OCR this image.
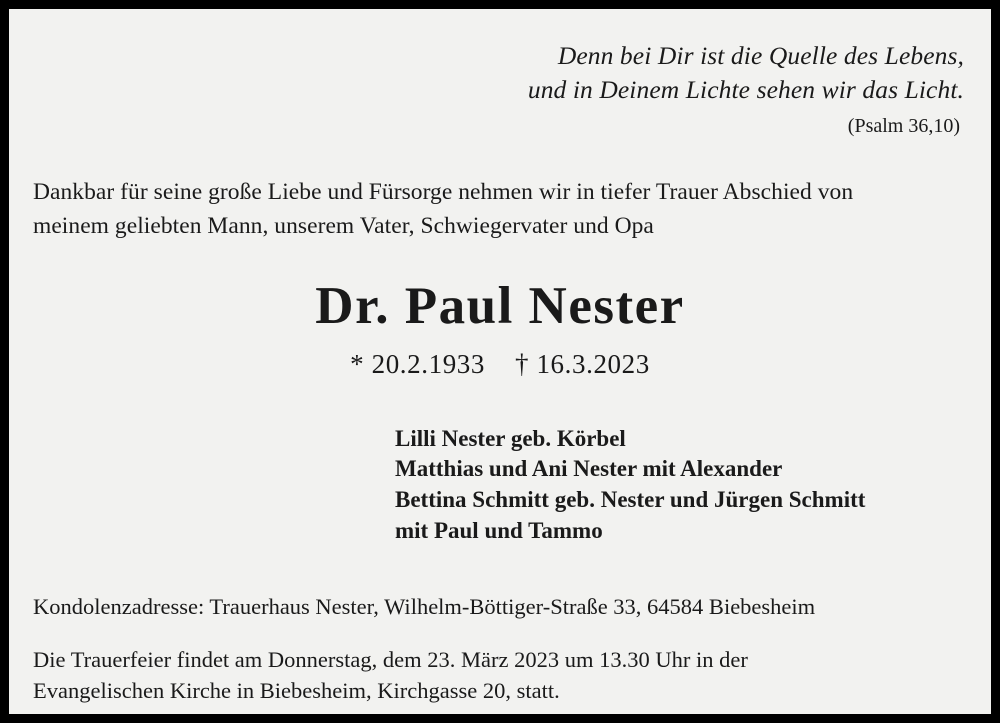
Denn bei Dir ist die Quelle des Lebens,
und in Deinem Lichte sehen wir das Licht.
(Psalm 36,10)
Dankbar für seine große Liebe und Fürsorge nehmen wir in tiefer Trauer Abschied von
meinem geliebten Mann, unserem Vater, Schwiegervater und Opa
Dr. Paul Nester
* 20.2.1933 † 16.3.2023
Lilli Nester geb. Körbel
Matthias und Ani Nester mit Alexander
Bettina Schmitt geb. Nester und Jürgen Schmitt
mit Paul und Tammo
Kondolenzadresse: Trauerhaus Nester, Wilhelm-Böttiger-Straße 33, 64584 Biebesheim
Die Trauerfeier findet am Donnerstag, dem 23. März 2023 um 13.30 Uhr in der
Evangelischen Kirche in Biebesheim, Kirchgasse 20, statt.
